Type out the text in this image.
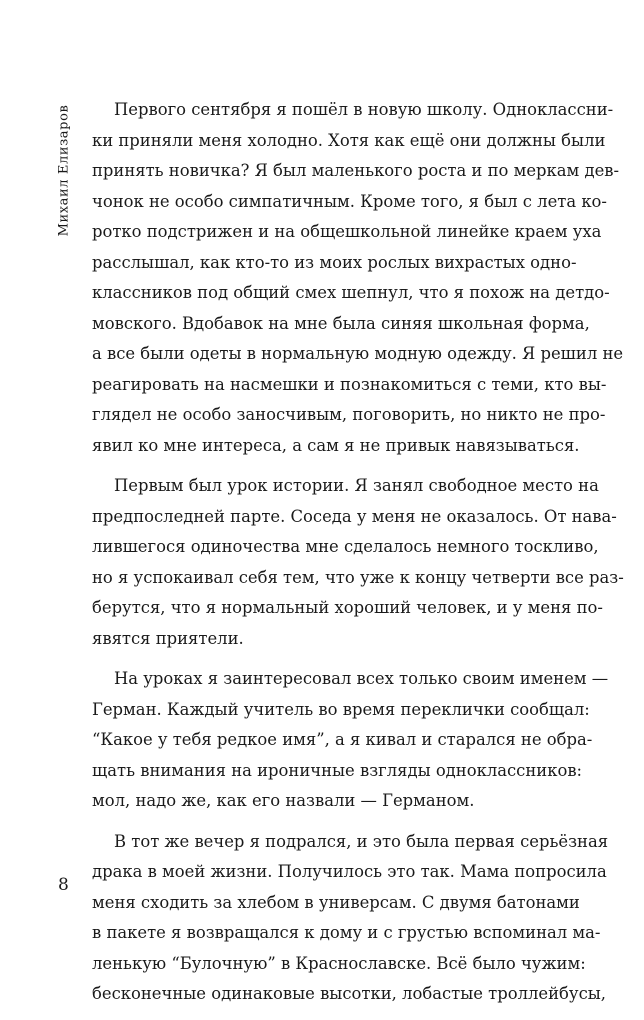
Михаил Елизаров	Первого сентября я пошёл в новую школу. Одноклассни-
ки приняли меня холодно. Хотя как ещё они должны были
принять новичка? Я был маленького роста и по меркам дев-
чонок не особо симпатичным. Кроме того, я был с лета ко-
ротко подстрижен и на общешкольной линейке краем уха
расслышал, как кто-то из моих рослых вихрастых одно-
классников под общий смех шепнул, что я похож на детдо-
мовского. Вдобавок на мне была синяя школьная форма,
а все были одеты в нормальную модную одежду. Я решил не
реагировать на насмешки и познакомиться с теми, кто вы-
глядел не особо заносчивым, поговорить, но никто не про-
явил ко мне интереса, а сам я не привык навязываться.

Первым был урок истории. Я занял свободное место на
предпоследней парте. Соседа у меня не оказалось. От нава-
лившегося одиночества мне сделалось немного тоскливо,
но я успокаивал себя тем, что уже к концу четверти все раз-
берутся, что я нормальный хороший человек, и у меня по-
явятся приятели.

На уроках я заинтересовал всех только своим именем —
Герман. Каждый учитель во время переклички сообщал:
“Какое у тебя редкое имя”, а я кивал и старался не обра-
щать внимания на ироничные взгляды одноклассников:
мол, надо же, как его назвали — Германом.

В тот же вечер я подрался, и это была первая серьёзная
драка в моей жизни. Получилось это так. Мама попросила
меня сходить за хлебом в универсам. С двумя батонами
в пакете я возвращался к дому и с грустью вспоминал ма-
ленькую “Булочную” в Краснославске. Всё было чужим:
бесконечные одинаковые высотки, лобастые троллейбусы,

8
